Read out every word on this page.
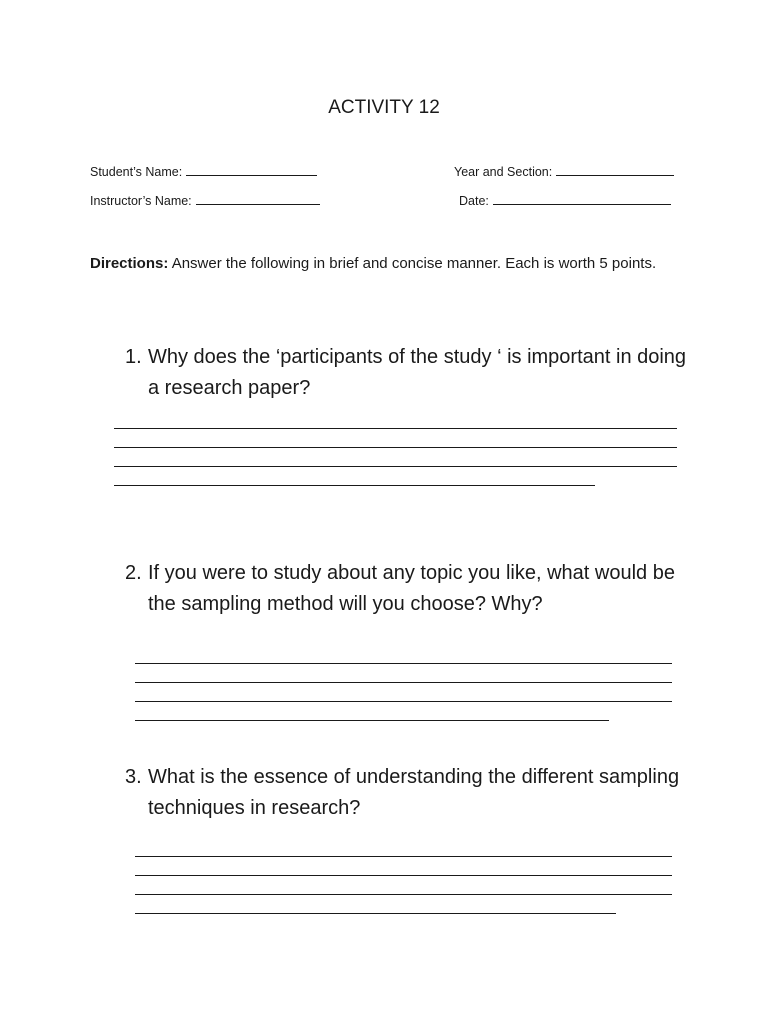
ACTIVITY 12
Student’s Name:	Year and Section:
Instructor’s Name:	Date:
Directions: Answer the following in brief and concise manner. Each is worth 5 points.
1. Why does the ‘participants of the study ‘ is important in doing a research paper?
2. If you were to study about any topic you like, what would be the sampling method will you choose? Why?
3. What is the essence of understanding the different sampling techniques in research?
